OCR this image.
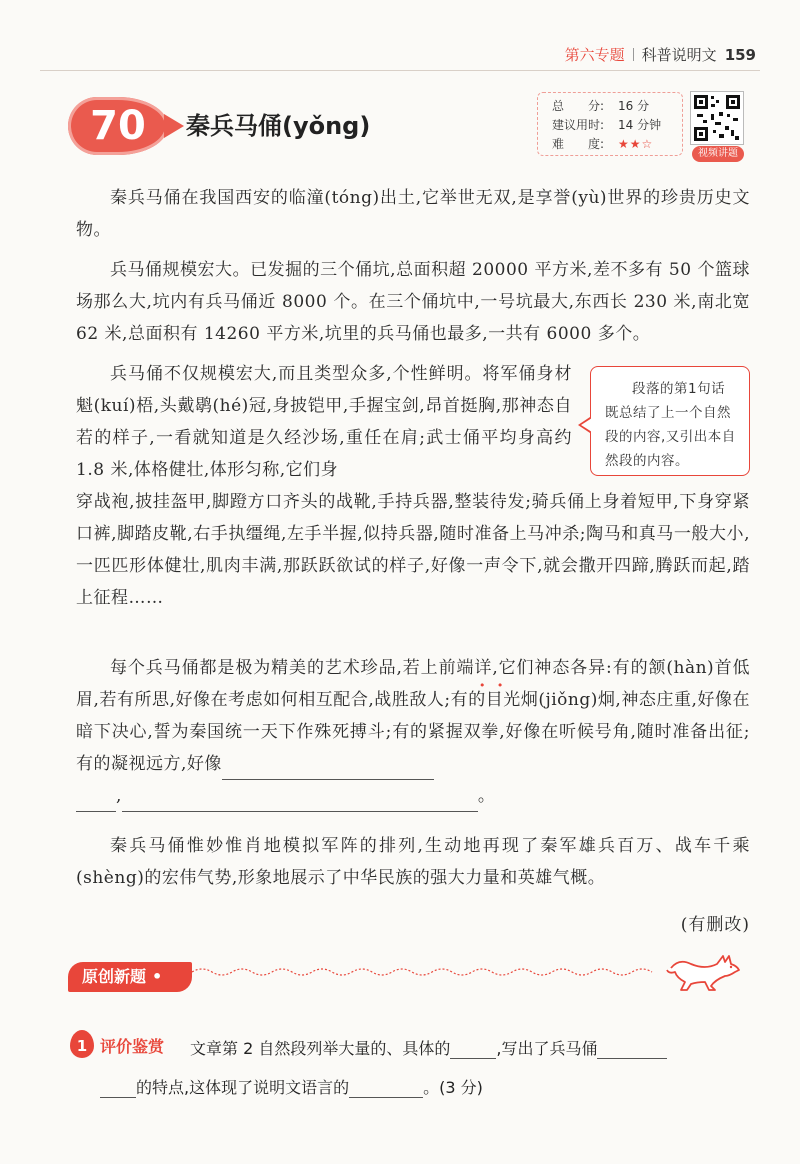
第六专题 科普说明文 159
70	秦兵马俑(yǒng)
总　　分: 16 分
建议用时: 14 分钟
难　　度: ★★☆
视频讲题

秦兵马俑在我国西安的临潼(tóng)出土,它举世无双,是享誉(yù)世界的珍贵历史文物。

兵马俑规模宏大。已发掘的三个俑坑,总面积超 20000 平方米,差不多有 50 个篮球场那么大,坑内有兵马俑近 8000 个。在三个俑坑中,一号坑最大,东西长 230 米,南北宽 62 米,总面积有 14260 平方米,坑里的兵马俑也最多,一共有 6000 多个。

兵马俑不仅规模宏大,而且类型众多,个性鲜明。将军俑身材魁(kuí)梧,头戴鹖(hé)冠,身披铠甲,手握宝剑,昂首挺胸,那神态自若的样子,一看就知道是久经沙场,重任在肩;武士俑平均身高约 1.8 米,体格健壮,体形匀称,它们身

穿战袍,披挂盔甲,脚蹬方口齐头的战靴,手持兵器,整装待发;骑兵俑上身着短甲,下身穿紧口裤,脚踏皮靴,右手执缰绳,左手半握,似持兵器,随时准备上马冲杀;陶马和真马一般大小,一匹匹形体健壮,肌肉丰满,那跃跃欲试的样子,好像一声令下,就会撒开四蹄,腾跃而起,踏上征程……

每个兵马俑都是极为精美的艺术珍品,若上前端详,它们神态各异:有的颔(hàn)首低眉,若有所思,好像在考虑如何相互配合,战胜敌人;有的目光炯(jiǒng)炯,神态庄重,好像在暗下决心,誓为秦国统一天下作殊死搏斗;有的紧握双拳,好像在听候号角,随时准备出征;有的凝视远方,好像
,	。

秦兵马俑惟妙惟肖地模拟军阵的排列,生动地再现了秦军雄兵百万、战车千乘(shèng)的宏伟气势,形象地展示了中华民族的强大力量和英雄气概。

(有删改)
段落的第1句话既总结了上一个自然段的内容,又引出本自然段的内容。
原创新题 •
1 评价鉴赏 文章第 2 自然段列举大量的、具体的	,写出了兵马俑
的特点,这体现了说明文语言的	。(3 分)
